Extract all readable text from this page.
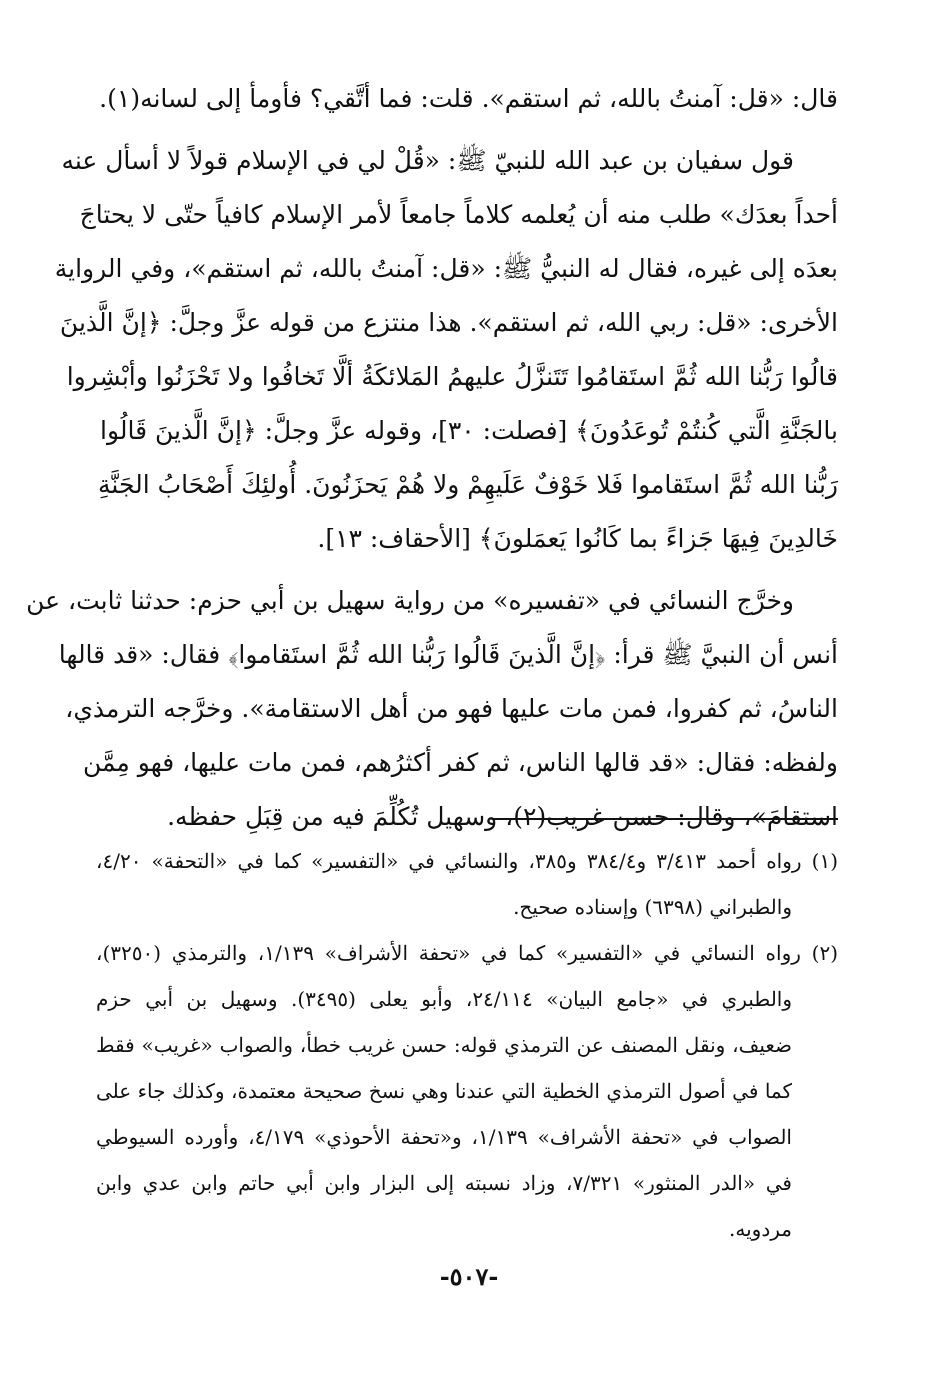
قال: «قل: آمنتُ بالله، ثم استقم». قلت: فما أتَّقي؟ فأومأ إلى لسانه(١).
قول سفيان بن عبد الله للنبيّ ﷺ: «قُلْ لي في الإسلام قولاً لا أسأل عنه
أحداً بعدَك» طلب منه أن يُعلمه كلاماً جامعاً لأمر الإسلام كافياً حتّى لا يحتاجَ
بعدَه إلى غيره، فقال له النبيُّ ﷺ: «قل: آمنتُ بالله، ثم استقم»، وفي الرواية
الأخرى: «قل: ربي الله، ثم استقم». هذا منتزع من قوله عزَّ وجلَّ: ﴿إنَّ الَّذينَ
قالُوا رَبُّنا الله ثُمَّ استَقامُوا تَتَنزَّلُ عليهمُ المَلائكَةُ ألَّا تَخافُوا ولا تَحْزَنُوا وأبْشِروا
بالجَنَّةِ الَّتي كُنتُمْ تُوعَدُونَ﴾ [فصلت: ٣٠]، وقوله عزَّ وجلَّ: ﴿إنَّ الَّذينَ قَالُوا
رَبُّنا الله ثُمَّ استَقاموا فَلا خَوْفٌ عَلَيهِمْ ولا هُمْ يَحزَنُونَ. أُولئِكَ أَصْحَابُ الجَنَّةِ
خَالدِينَ فِيهَا جَزاءً بما كَانُوا يَعمَلونَ﴾ [الأحقاف: ١٣].
وخرَّج النسائي في «تفسيره» من رواية سهيل بن أبي حزم: حدثنا ثابت، عن
أنس أن النبيَّ ﷺ قرأ: ﴿إنَّ الَّذينَ قَالُوا رَبُّنا الله ثُمَّ استَقاموا﴾ فقال: «قد قالها
الناسُ، ثم كفروا، فمن مات عليها فهو من أهل الاستقامة». وخرَّجه الترمذي،
ولفظه: فقال: «قد قالها الناس، ثم كفر أكثرُهم، فمن مات عليها، فهو مِمَّن
استقامَ»، وقال: حسن غريب(٢)، وسهيل تُكُلِّمَ فيه من قِبَلِ حفظه.
(١) رواه أحمد ٣/٤١٣ و٣٨٤/٤ و٣٨٥، والنسائي في «التفسير» كما في «التحفة» ٤/٢٠،
والطبراني (٦٣٩٨) وإسناده صحيح.
(٢) رواه النسائي في «التفسير» كما في «تحفة الأشراف» ١/١٣٩، والترمذي (٣٢٥٠)،
والطبري في «جامع البيان» ٢٤/١١٤، وأبو يعلى (٣٤٩٥). وسهيل بن أبي حزم
ضعيف، ونقل المصنف عن الترمذي قوله: حسن غريب خطأ، والصواب «غريب» فقط
كما في أصول الترمذي الخطية التي عندنا وهي نسخ صحيحة معتمدة، وكذلك جاء على
الصواب في «تحفة الأشراف» ١/١٣٩، و«تحفة الأحوذي» ٤/١٧٩، وأورده السيوطي
في «الدر المنثور» ٧/٣٢١، وزاد نسبته إلى البزار وابن أبي حاتم وابن عدي وابن
مردويه.
-٥٠٧-
